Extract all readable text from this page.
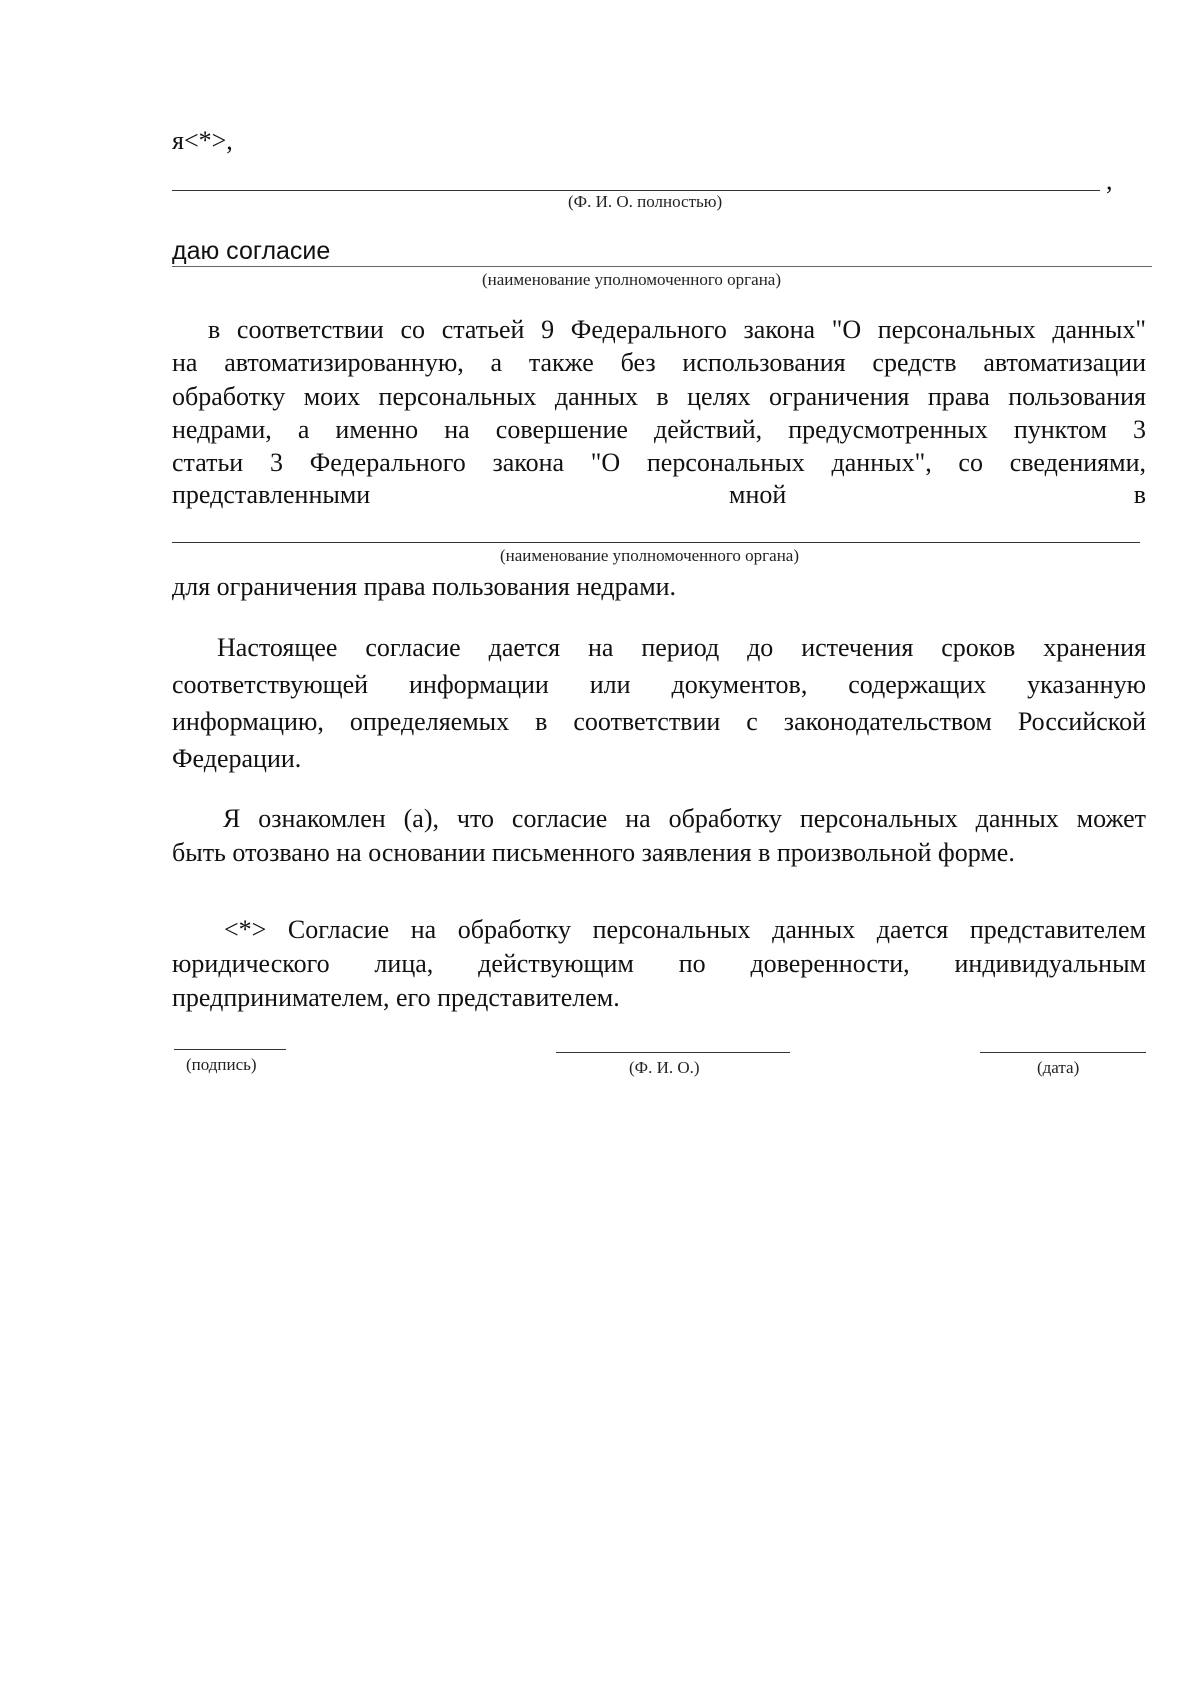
я<*>,
,
(Ф. И. О. полностью)
даю согласие
(наименование уполномоченного органа)
в соответствии со статьей 9 Федерального закона "О персональных данных"
на автоматизированную, а также без использования средств автоматизации
обработку моих персональных данных в целях ограничения права пользования
недрами, а именно на совершение действий, предусмотренных пунктом 3
статьи 3 Федерального закона "О персональных данных", со сведениями,
представленными	мной	в
(наименование уполномоченного органа)
для ограничения права пользования недрами.
Настоящее согласие дается на период до истечения сроков хранения
соответствующей информации или документов, содержащих указанную
информацию, определяемых в соответствии с законодательством Российской
Федерации.
Я ознакомлен (а), что согласие на обработку персональных данных может
быть отозвано на основании письменного заявления в произвольной форме.
<*> Согласие на обработку персональных данных дается представителем
юридического лица, действующим по доверенности, индивидуальным
предпринимателем, его представителем.
(подпись)	(Ф. И. О.)	(дата)
